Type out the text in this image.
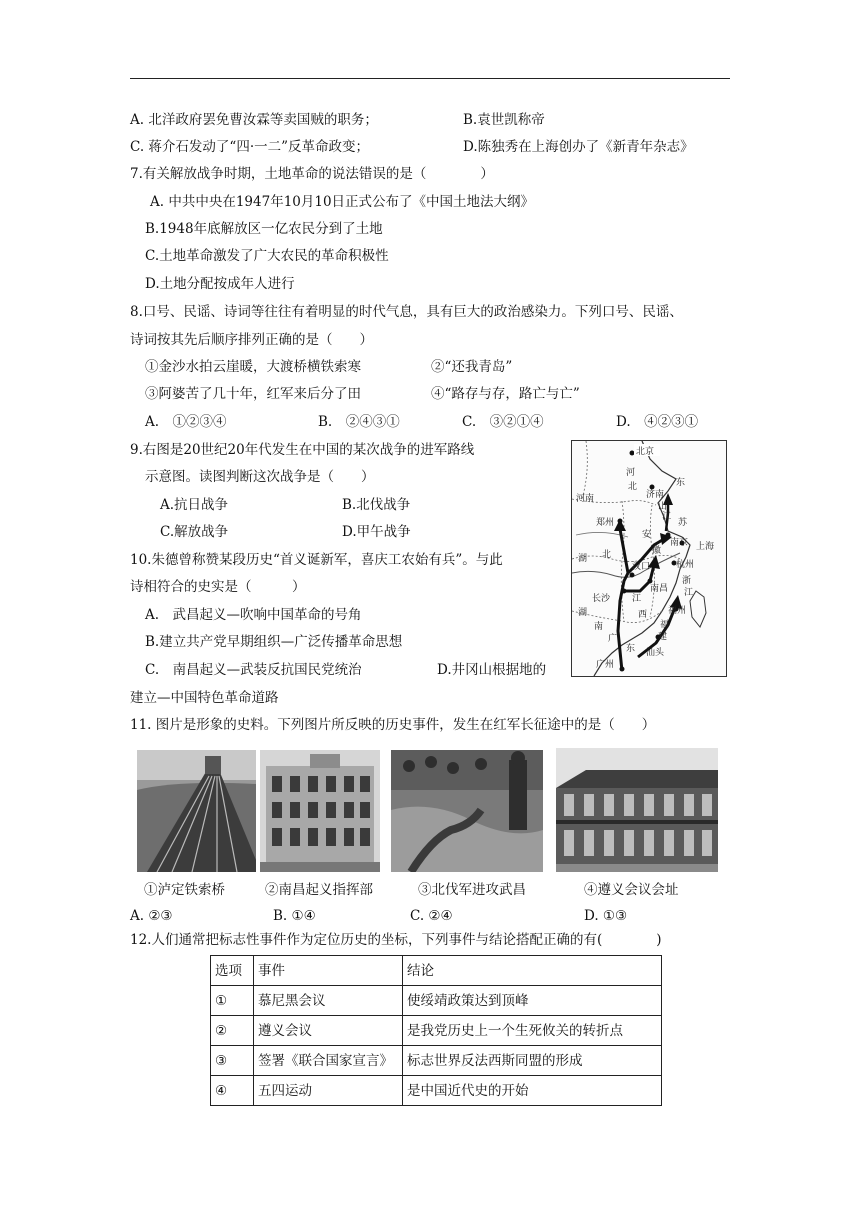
A. 北洋政府罢免曹汝霖等卖国贼的职务；	B.袁世凯称帝
C. 蒋介石发动了“四·一二”反革命政变；	D.陈独秀在上海创办了《新青年杂志》
7.有关解放战争时期，土地革命的说法错误的是（　　　　）
A. 中共中央在1947年10月10日正式公布了《中国土地法大纲》
B.1948年底解放区一亿农民分到了土地
C.土地革命激发了广大农民的革命积极性
D.土地分配按成年人进行
8.口号、民谣、诗词等往往有着明显的时代气息，具有巨大的政治感染力。下列口号、民谣、
诗词按其先后顺序排列正确的是（　　）
①金沙水拍云崖暖，大渡桥横铁索寒	②“还我青岛”
③阿婆苦了几十年，红军来后分了田	④“路存与存，路亡与亡”
A.　①②③④	B.　②④③①	C.　③②①④	D.　④②③①
9.右图是20世纪20年代发生在中国的某次战争的进军路线
示意图。读图判断这次战争是（　　）
A.抗日战争	B.北伐战争
C.解放战争	D.甲午战争
10.朱德曾称赞某段历史“首义诞新军，喜庆工农始有兵”。与此
诗相符合的史实是（　　　）
A.　武昌起义—吹响中国革命的号角
B.建立共产党早期组织—广泛传播革命思想
C.　南昌起义—武装反抗国民党统治	D.井冈山根据地的
建立—中国特色革命道路
北京
河
北	东
济南
山
江
郑州	苏
南京 上海
湖 北
安
徽
汉口	杭州
浙
江
长沙
南昌
江
湖
南
西 福州
福
建
东
广州
汕头
广
河南
11. 图片是形象的史料。下列图片所反映的历史事件，发生在红军长征途中的是（　　）
①泸定铁索桥	②南昌起义指挥部	③北伐军进攻武昌	④遵义会议会址
A. ②③	B. ①④	C. ②④	D. ①③
12.人们通常把标志性事件作为定位历史的坐标，下列事件与结论搭配正确的有(　　　　)
选项	事件	结论
①	慕尼黑会议	使绥靖政策达到顶峰
②	遵义会议	是我党历史上一个生死攸关的转折点
③	签署《联合国家宣言》	标志世界反法西斯同盟的形成
④	五四运动	是中国近代史的开始
